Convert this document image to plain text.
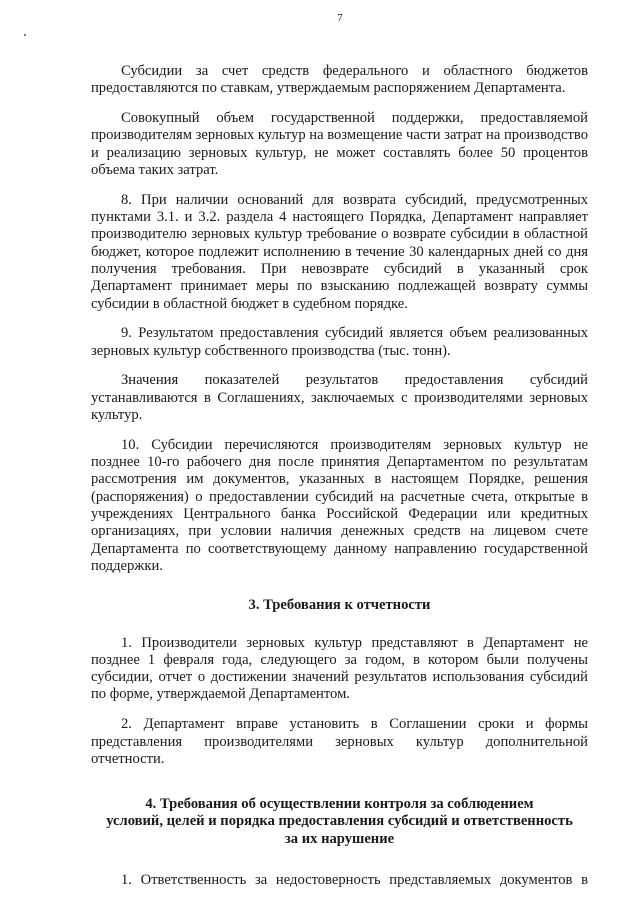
7

Субсидии за счет средств федерального и областного бюджетов предоставляются по ставкам, утверждаемым распоряжением Департамента.

Совокупный объем государственной поддержки, предоставляемой производителям зерновых культур на возмещение части затрат на производство и реализацию зерновых культур, не может составлять более 50 процентов объема таких затрат.

8. При наличии оснований для возврата субсидий, предусмотренных пунктами 3.1. и 3.2. раздела 4 настоящего Порядка, Департамент направляет производителю зерновых культур требование о возврате субсидии в областной бюджет, которое подлежит исполнению в течение 30 календарных дней со дня получения требования. При невозврате субсидий в указанный срок Департамент принимает меры по взысканию подлежащей возврату суммы субсидии в областной бюджет в судебном порядке.

9. Результатом предоставления субсидий является объем реализованных зерновых культур собственного производства (тыс. тонн).

Значения показателей результатов предоставления субсидий устанавливаются в Соглашениях, заключаемых с производителями зерновых культур.

10. Субсидии перечисляются производителям зерновых культур не позднее 10-го рабочего дня после принятия Департаментом по результатам рассмотрения им документов, указанных в настоящем Порядке, решения (распоряжения) о предоставлении субсидий на расчетные счета, открытые в учреждениях Центрального банка Российской Федерации или кредитных организациях, при условии наличия денежных средств на лицевом счете Департамента по соответствующему данному направлению государственной поддержки.

3. Требования к отчетности

1. Производители зерновых культур представляют в Департамент не позднее 1 февраля года, следующего за годом, в котором были получены субсидии, отчет о достижении значений результатов использования субсидий по форме, утверждаемой Департаментом.

2. Департамент вправе установить в Соглашении сроки и формы представления производителями зерновых культур дополнительной отчетности.

4. Требования об осуществлении контроля за соблюдением
условий, целей и порядка предоставления субсидий и ответственность
за их нарушение

1. Ответственность за недостоверность представляемых документов в
